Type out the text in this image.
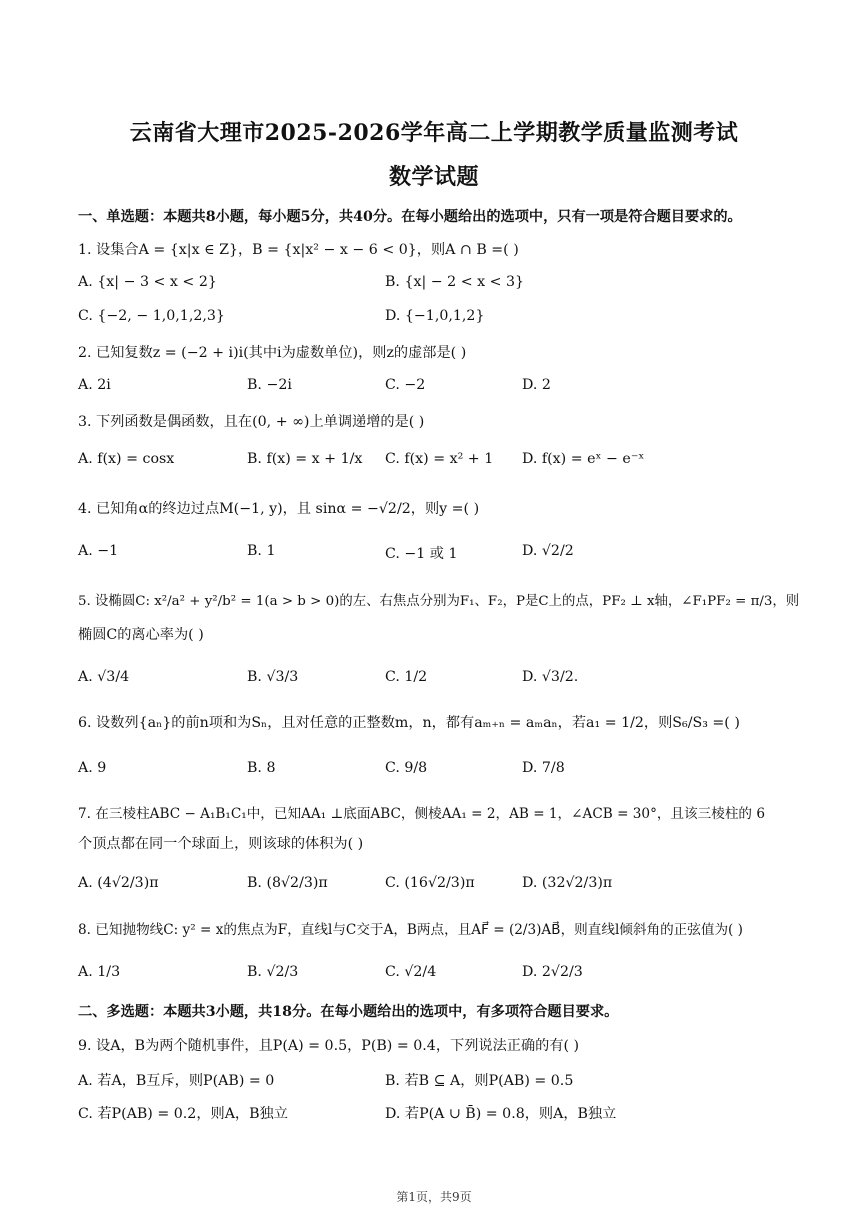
云南省大理市2025-2026学年高二上学期教学质量监测考试
数学试题
一、单选题：本题共8小题，每小题5分，共40分。在每小题给出的选项中，只有一项是符合题目要求的。
1. 设集合A = {x|x ∈ Z}，B = {x|x² − x − 6 < 0}，则A ∩ B =( )
A. {x| − 3 < x < 2}	B. {x| − 2 < x < 3}
C. {−2, − 1,0,1,2,3}	D. {−1,0,1,2}
2. 已知复数z = (−2 + i)i(其中i为虚数单位)，则z的虚部是( )
A. 2i	B. −2i	C. −2	D. 2
3. 下列函数是偶函数，且在(0, + ∞)上单调递增的是( )
A. f(x) = cosx	B. f(x) = x + 1/x C. f(x) = x² + 1 D. f(x) = eˣ − e⁻ˣ
4. 已知角α的终边过点M(−1, y)，且 sinα = −√2/2，则y =( )
A. −1	B. 1	C. −1 或 1	D. √2/2
5. 设椭圆C: x²/a² + y²/b² = 1(a > b > 0)的左、右焦点分别为F₁、F₂，P是C上的点，PF₂ ⊥ x轴，∠F₁PF₂ = π/3，则
椭圆C的离心率为( )
A. √3/4	B. √3/3	C. 1/2	D. √3/2.
6. 设数列{aₙ}的前n项和为Sₙ，且对任意的正整数m，n，都有aₘ₊ₙ = aₘaₙ，若a₁ = 1/2，则S₆/S₃ =( )
A. 9	B. 8	C. 9/8	D. 7/8
7. 在三棱柱ABC − A₁B₁C₁中，已知AA₁ ⊥底面ABC，侧棱AA₁ = 2，AB = 1，∠ACB = 30°，且该三棱柱的 6
个顶点都在同一个球面上，则该球的体积为( )
A. (4√2/3)π	B. (8√2/3)π	C. (16√2/3)π	D. (32√2/3)π
8. 已知抛物线C: y² = x的焦点为F，直线l与C交于A，B两点，且AF⃗ = (2/3)AB⃗，则直线l倾斜角的正弦值为( )
A. 1/3	B. √2/3	C. √2/4	D. 2√2/3
二、多选题：本题共3小题，共18分。在每小题给出的选项中，有多项符合题目要求。
9. 设A，B为两个随机事件，且P(A) = 0.5，P(B) = 0.4，下列说法正确的有( )
A. 若A，B互斥，则P(AB) = 0	B. 若B ⊆ A，则P(AB) = 0.5
C. 若P(AB) = 0.2，则A，B独立	D. 若P(A ∪ B̄) = 0.8，则A，B独立
第1页，共9页
